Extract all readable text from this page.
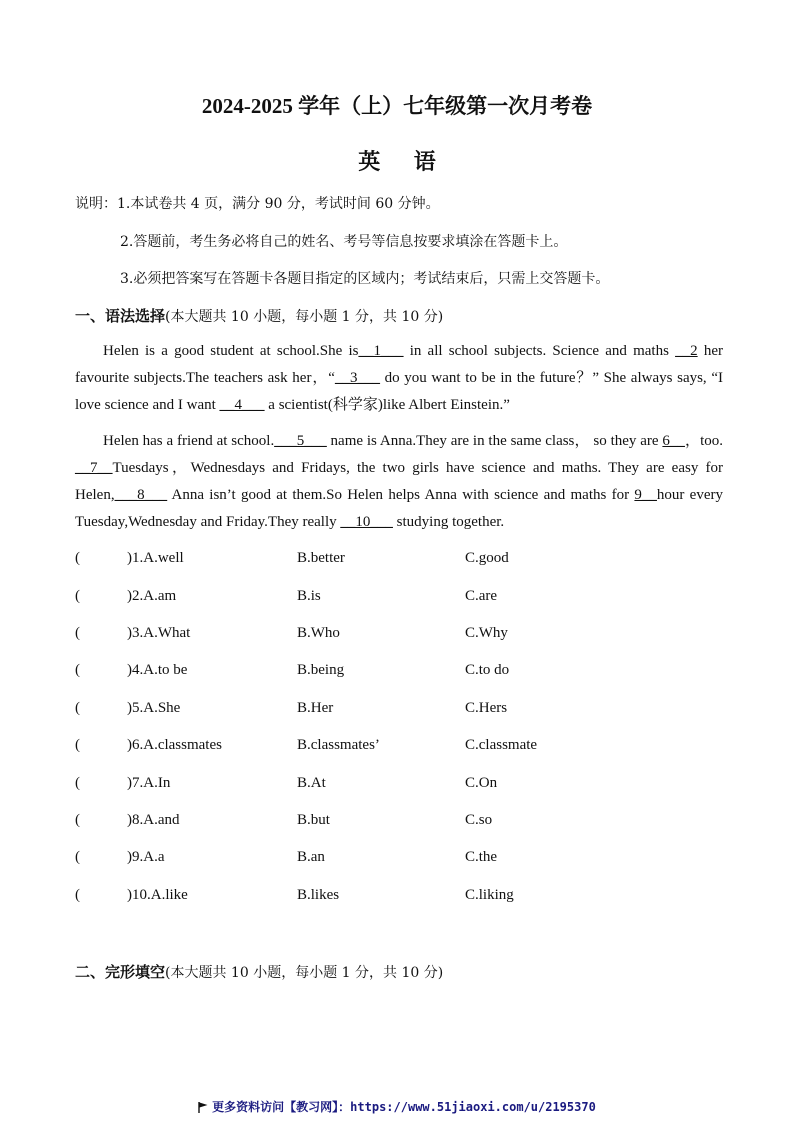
2024-2025 学年（上）七年级第一次月考卷
英 语
说明：1.本试卷共 4 页，满分 90 分，考试时间 60 分钟。
2.答题前，考生务必将自己的姓名、考号等信息按要求填涂在答题卡上。
3.必须把答案写在答题卡各题目指定的区域内；考试结束后，只需上交答题卡。
一、语法选择(本大题共 10 小题，每小题 1 分，共 10 分)

Helen is a good student at school.She is__1___ in all school subjects. Science and maths __2 her favourite subjects.The teachers ask her，“__3___ do you want to be in the future？” She always says, “I love science and I want __4___ a scientist(科学家)like Albert Einstein.”

Helen has a friend at school.___5___ name is Anna.They are in the same class， so they are 6__，too. __7__Tuesdays，Wednesdays and Fridays, the two girls have science and maths. They are easy for Helen,___8___ Anna isn’t good at them.So Helen helps Anna with science and maths for 9__hour every Tuesday,Wednesday and Friday.They really __10___ studying together.

(	)1.A.well	B.better	C.good
(	)2.A.am	B.is	C.are
(	)3.A.What	B.Who	C.Why
(	)4.A.to be	B.being	C.to do
(	)5.A.She	B.Her	C.Hers
(	)6.A.classmates	B.classmates’	C.classmate
(	)7.A.In	B.At	C.On
(	)8.A.and	B.but	C.so
(	)9.A.a	B.an	C.the
(	)10.A.like	B.likes	C.liking
二、完形填空(本大题共 10 小题，每小题 1 分，共 10 分)
更多资料访问【教习网】：https://www.51jiaoxi.com/u/2195370
